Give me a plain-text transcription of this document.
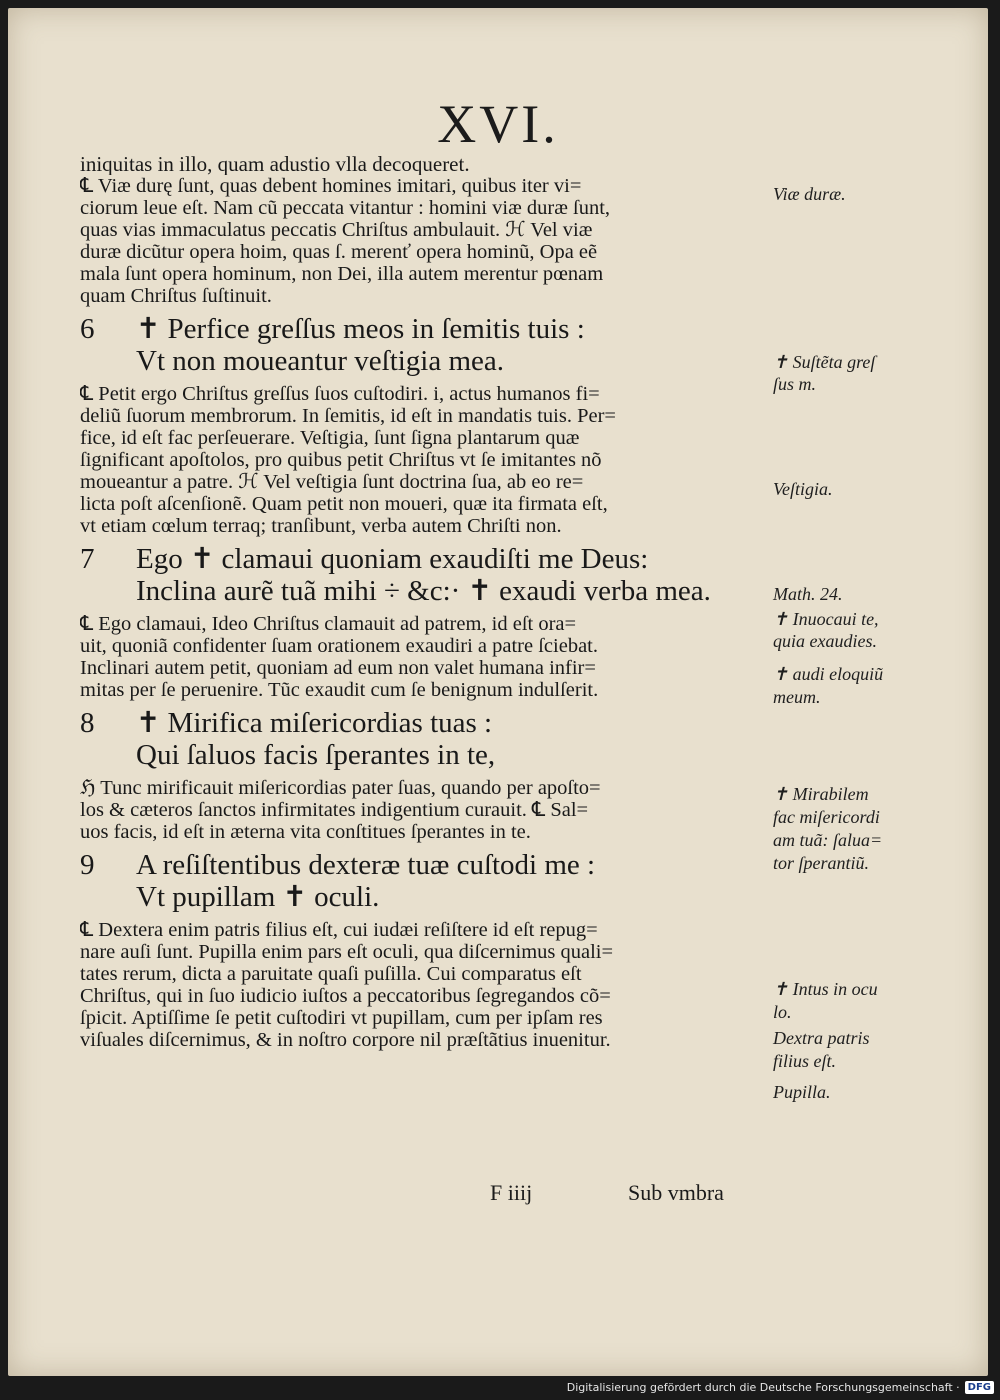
XVI.
iniquitas in illo, quam adustio vlla decoqueret.
℄ Viæ durę ſunt, quas debent homines imitari, quibus iter vi=
ciorum leue eſt. Nam cũ peccata vitantur : homini viæ duræ ſunt,
quas vias immaculatus peccatis Chriſtus ambulauit. ℋ Vel viæ
duræ dicũtur opera hoim, quas ſ. merenť opera hominũ, Opa eẽ
mala ſunt opera hominum, non Dei, illa autem merentur pœnam
quam Chriſtus ſuſtinuit.
6	✝ Perfice greſſus meos in ſemitis tuis :
Vt non moueantur veſtigia mea.
℄ Petit ergo Chriſtus greſſus ſuos cuſtodiri. i, actus humanos fi=
deliũ ſuorum membrorum. In ſemitis, id eſt in mandatis tuis. Per=
fice, id eſt fac perſeuerare. Veſtigia, ſunt ſigna plantarum quæ
ſignificant apoſtolos, pro quibus petit Chriſtus vt ſe imitantes nõ
moueantur a patre. ℋ Vel veſtigia ſunt doctrina ſua, ab eo re=
licta poſt aſcenſionẽ. Quam petit non moueri, quæ ita firmata eſt,
vt etiam cœlum terraq; tranſibunt, verba autem Chriſti non.
7	Ego ✝ clamaui quoniam exaudiſti me Deus:
Inclina aurẽ tuã mihi ÷ &c:· ✝ exaudi verba mea.
℄ Ego clamaui, Ideo Chriſtus clamauit ad patrem, id eſt ora=
uit, quoniã confidenter ſuam orationem exaudiri a patre ſciebat.
Inclinari autem petit, quoniam ad eum non valet humana infir=
mitas per ſe peruenire. Tũc exaudit cum ſe benignum indulſerit.
8	✝ Mirifica miſericordias tuas :
Qui ſaluos facis ſperantes in te,
ℌ Tunc mirificauit miſericordias pater ſuas, quando per apoſto=
los & cæteros ſanctos infirmitates indigentium curauit. ℄ Sal=
uos facis, id eſt in æterna vita conſtitues ſperantes in te.
9	A reſiſtentibus dexteræ tuæ cuſtodi me :
Vt pupillam ✝ oculi.
℄ Dextera enim patris filius eſt, cui iudæi reſiſtere id eſt repug=
nare auſi ſunt. Pupilla enim pars eſt oculi, qua diſcernimus quali=
tates rerum, dicta a paruitate quaſi puſilla. Cui comparatus eſt
Chriſtus, qui in ſuo iudicio iuſtos a peccatoribus ſegregandos cõ=
ſpicit. Aptiſſime ſe petit cuſtodiri vt pupillam, cum per ipſam res
viſuales diſcernimus, & in noſtro corpore nil præſtãtius inuenitur.
Viæ duræ.
✝ Suſtẽta greſ
ſus m.
Veſtigia.
Math. 24.
✝ Inuocaui te,
quia exaudies.
✝ audi eloquiũ
meum.
✝ Mirabilem
fac miſericordi
am tuã: ſalua=
tor ſperantiũ.
✝ Intus in ocu
lo.
Dextra patris
filius eſt.
Pupilla.
F iiij	Sub vmbra
Digitalisierung gefördert durch die Deutsche Forschungsgemeinschaft · DFG
